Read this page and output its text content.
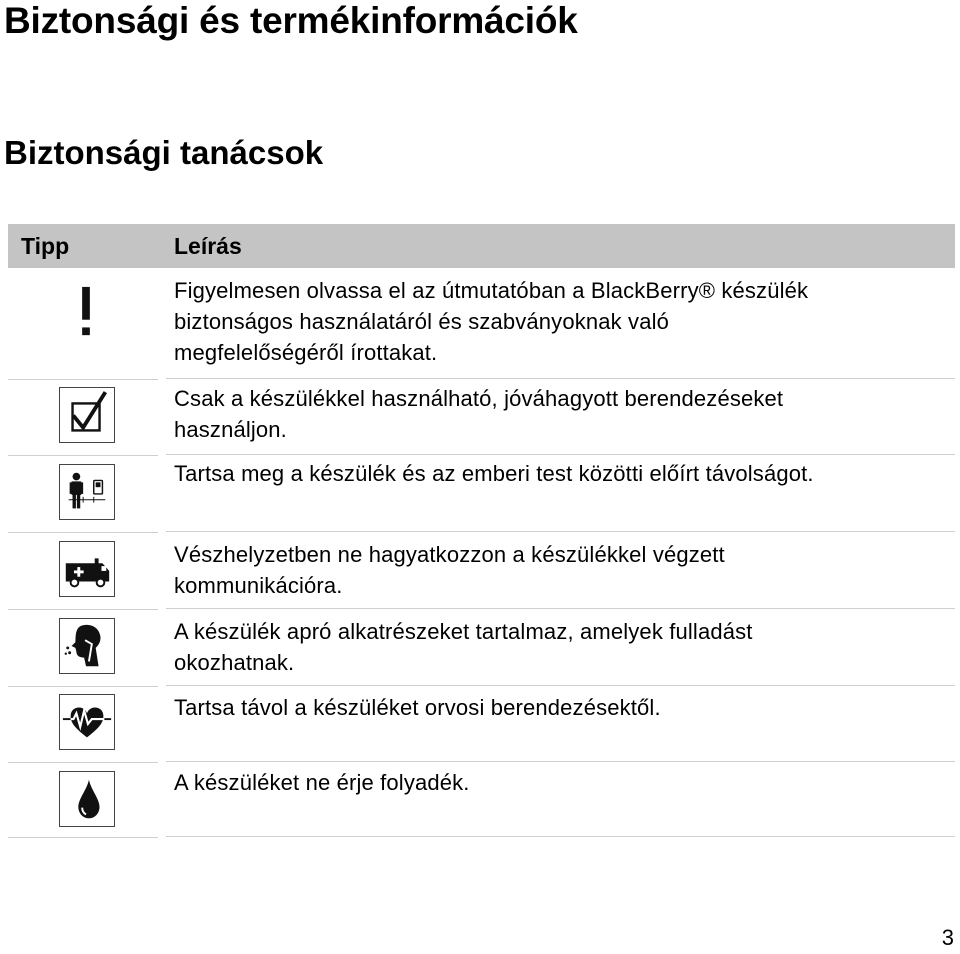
Biztonsági és termékinformációk
Biztonsági tanácsok
Tipp	Leírás
Figyelmesen olvassa el az útmutatóban a BlackBerry® készülék
biztonságos használatáról és szabványoknak való
megfelelőségéről írottakat.
Csak a készülékkel használható, jóváhagyott berendezéseket
használjon.
Tartsa meg a készülék és az emberi test közötti előírt távolságot.
Vészhelyzetben ne hagyatkozzon a készülékkel végzett
kommunikációra.
A készülék apró alkatrészeket tartalmaz, amelyek fulladást
okozhatnak.
Tartsa távol a készüléket orvosi berendezésektől.
A készüléket ne érje folyadék.
3
